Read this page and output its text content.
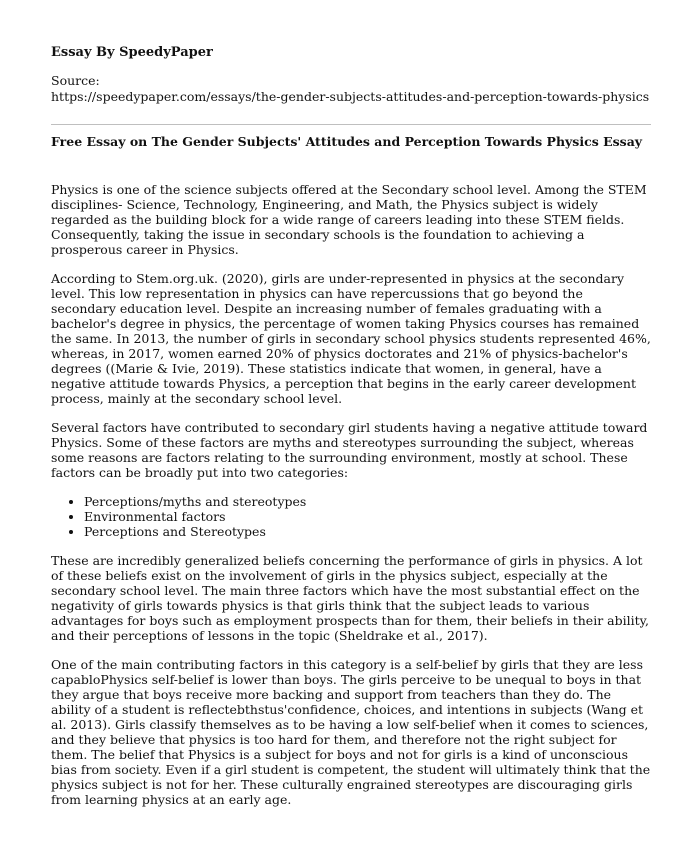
Essay By SpeedyPaper
Source:
https://speedypaper.com/essays/the-gender-subjects-attitudes-and-perception-towards-physics
Free Essay on The Gender Subjects' Attitudes and Perception Towards Physics Essay

Physics is one of the science subjects offered at the Secondary school level. Among the STEM disciplines- Science, Technology, Engineering, and Math, the Physics subject is widely regarded as the building block for a wide range of careers leading into these STEM fields. Consequently, taking the issue in secondary schools is the foundation to achieving a prosperous career in Physics.

According to Stem.org.uk. (2020), girls are under-represented in physics at the secondary level. This low representation in physics can have repercussions that go beyond the secondary education level. Despite an increasing number of females graduating with a bachelor's degree in physics, the percentage of women taking Physics courses has remained the same. In 2013, the number of girls in secondary school physics students represented 46%, whereas, in 2017, women earned 20% of physics doctorates and 21% of physics-bachelor's degrees ((Marie & Ivie, 2019). These statistics indicate that women, in general, have a negative attitude towards Physics, a perception that begins in the early career development process, mainly at the secondary school level.

Several factors have contributed to secondary girl students having a negative attitude toward Physics. Some of these factors are myths and stereotypes surrounding the subject, whereas some reasons are factors relating to the surrounding environment, mostly at school. These factors can be broadly put into two categories:

• Perceptions/myths and stereotypes
• Environmental factors
• Perceptions and Stereotypes

These are incredibly generalized beliefs concerning the performance of girls in physics. A lot of these beliefs exist on the involvement of girls in the physics subject, especially at the secondary school level. The main three factors which have the most substantial effect on the negativity of girls towards physics is that girls think that the subject leads to various advantages for boys such as employment prospects than for them, their beliefs in their ability, and their perceptions of lessons in the topic (Sheldrake et al., 2017).

One of the main contributing factors in this category is a self-belief by girls that they are less capabloPhysics self-belief is lower than boys. The girls perceive to be unequal to boys in that they argue that boys receive more backing and support from teachers than they do. The ability of a student is reflectebthstus'confidence, choices, and intentions in subjects (Wang et al. 2013). Girls classify themselves as to be having a low self-belief when it comes to sciences, and they believe that physics is too hard for them, and therefore not the right subject for them. The belief that Physics is a subject for boys and not for girls is a kind of unconscious bias from society. Even if a girl student is competent, the student will ultimately think that the physics subject is not for her. These culturally engrained stereotypes are discouraging girls from learning physics at an early age.
